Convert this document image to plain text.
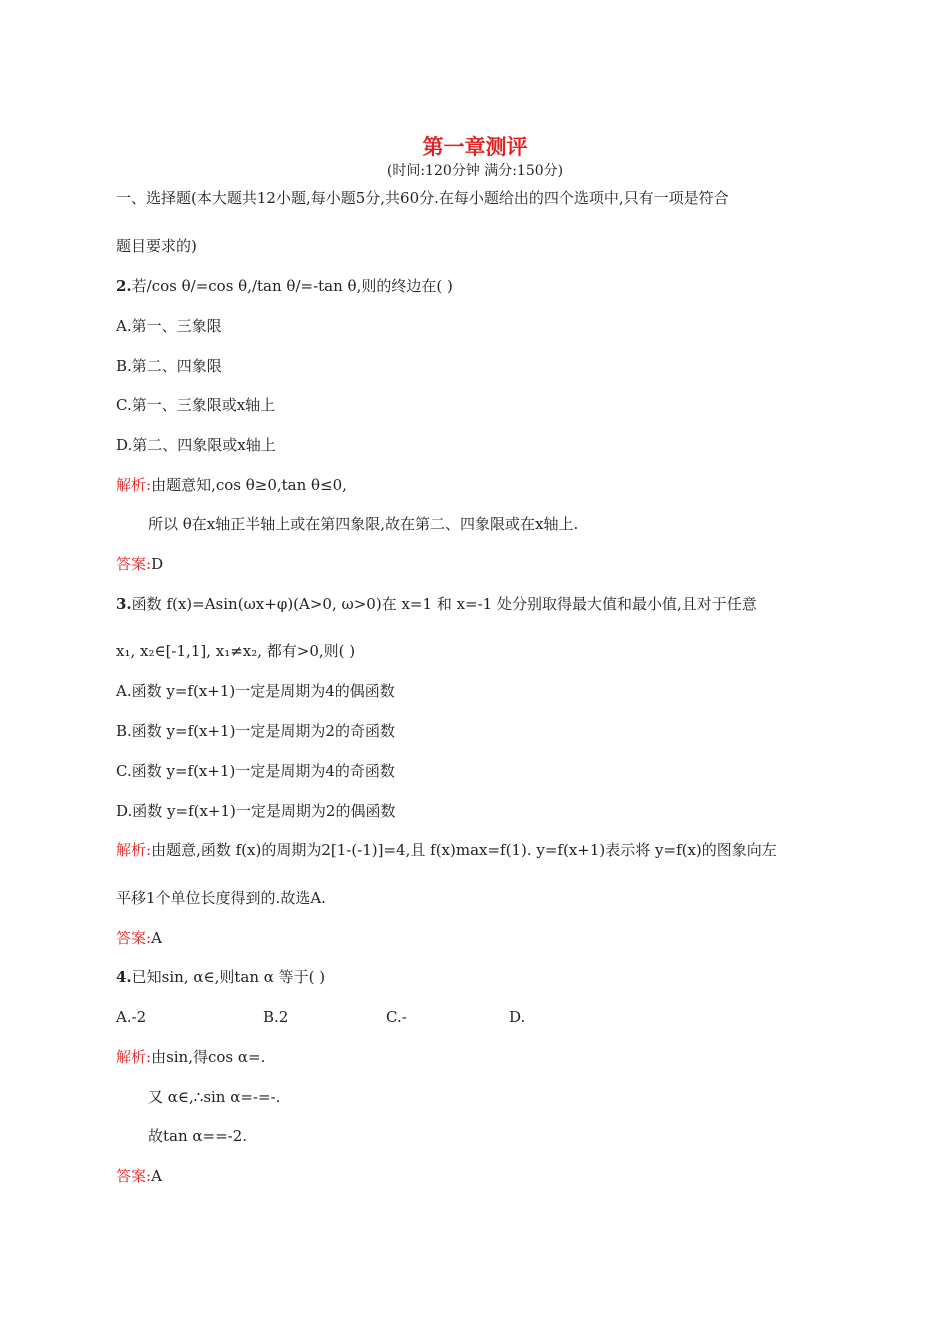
第一章测评
(时间:120分钟 满分:150分)
一、选择题(本大题共12小题,每小题5分,共60分.在每小题给出的四个选项中,只有一项是符合
题目要求的)
2.若/cos θ/=cos θ,/tan θ/=-tan θ,则的终边在( )
A.第一、三象限
B.第二、四象限
C.第一、三象限或x轴上
D.第二、四象限或x轴上
解析:由题意知,cos θ≥0,tan θ≤0,
所以 θ在x轴正半轴上或在第四象限,故在第二、四象限或在x轴上.
答案:D
3.函数 f(x)=Asin(ωx+φ)(A>0, ω>0)在 x=1 和 x=-1 处分别取得最大值和最小值,且对于任意
x₁, x₂∈[-1,1], x₁≠x₂, 都有>0,则( )
A.函数 y=f(x+1)一定是周期为4的偶函数
B.函数 y=f(x+1)一定是周期为2的奇函数
C.函数 y=f(x+1)一定是周期为4的奇函数
D.函数 y=f(x+1)一定是周期为2的偶函数
解析:由题意,函数 f(x)的周期为2[1-(-1)]=4,且 f(x)max=f(1). y=f(x+1)表示将 y=f(x)的图象向左
平移1个单位长度得到的.故选A.
答案:A
4.已知sin, α∈,则tan α 等于( )
A.-2	B.2	C.-	D.
解析:由sin,得cos α=.
又 α∈,∴sin α=-=-.
故tan α==-2.
答案:A
